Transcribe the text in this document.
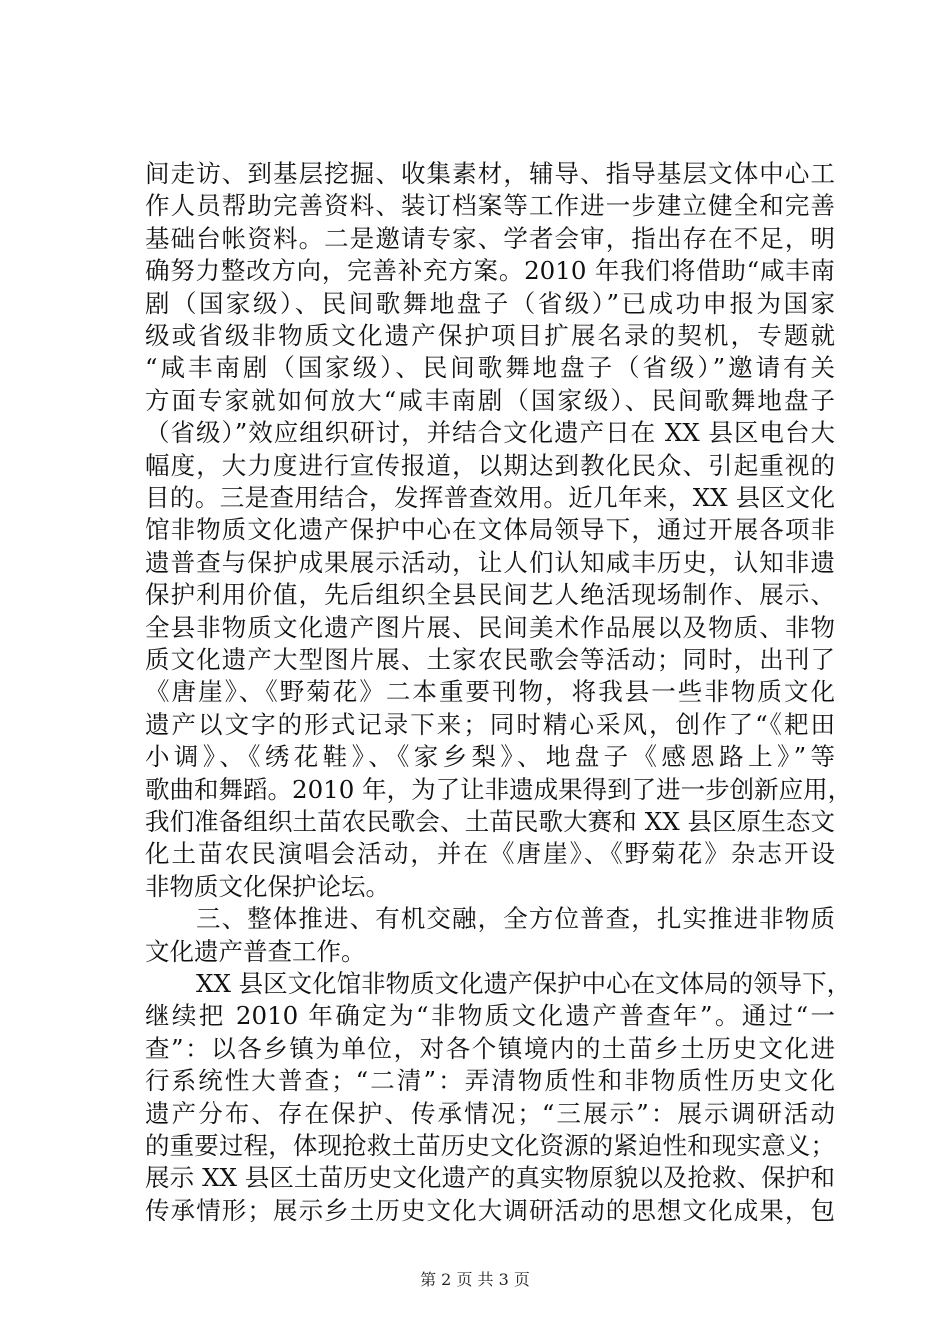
间走访、到基层挖掘、收集素材，辅导、指导基层文体中心工
作人员帮助完善资料、装订档案等工作进一步建立健全和完善
基础台帐资料。二是邀请专家、学者会审，指出存在不足，明
确努力整改方向，完善补充方案。2010 年我们将借助“咸丰南
剧（国家级）、民间歌舞地盘子（省级）”已成功申报为国家
级或省级非物质文化遗产保护项目扩展名录的契机，专题就
“咸丰南剧（国家级）、民间歌舞地盘子（省级）”邀请有关
方面专家就如何放大“咸丰南剧（国家级）、民间歌舞地盘子
（省级）”效应组织研讨，并结合文化遗产日在 XX 县区电台大
幅度，大力度进行宣传报道，以期达到教化民众、引起重视的
目的。三是查用结合，发挥普查效用。近几年来，XX 县区文化
馆非物质文化遗产保护中心在文体局领导下，通过开展各项非
遗普查与保护成果展示活动，让人们认知咸丰历史，认知非遗
保护利用价值，先后组织全县民间艺人绝活现场制作、展示、
全县非物质文化遗产图片展、民间美术作品展以及物质、非物
质文化遗产大型图片展、土家农民歌会等活动；同时，出刊了
《唐崖》、《野菊花》二本重要刊物，将我县一些非物质文化
遗产以文字的形式记录下来；同时精心采风，创作了“《耙田
小调》、《绣花鞋》、《家乡梨》、地盘子《感恩路上》”等
歌曲和舞蹈。2010 年，为了让非遗成果得到了进一步创新应用，
我们准备组织土苗农民歌会、土苗民歌大赛和 XX 县区原生态文
化土苗农民演唱会活动，并在《唐崖》、《野菊花》杂志开设
非物质文化保护论坛。
三、整体推进、有机交融，全方位普查，扎实推进非物质
文化遗产普查工作。
XX 县区文化馆非物质文化遗产保护中心在文体局的领导下，
继续把 2010 年确定为“非物质文化遗产普查年”。通过“一
查”：以各乡镇为单位，对各个镇境内的土苗乡土历史文化进
行系统性大普查；“二清”：弄清物质性和非物质性历史文化
遗产分布、存在保护、传承情况；“三展示”：展示调研活动
的重要过程，体现抢救土苗历史文化资源的紧迫性和现实意义；
展示 XX 县区土苗历史文化遗产的真实物原貌以及抢救、保护和
传承情形；展示乡土历史文化大调研活动的思想文化成果，包
第 2 页 共 3 页
